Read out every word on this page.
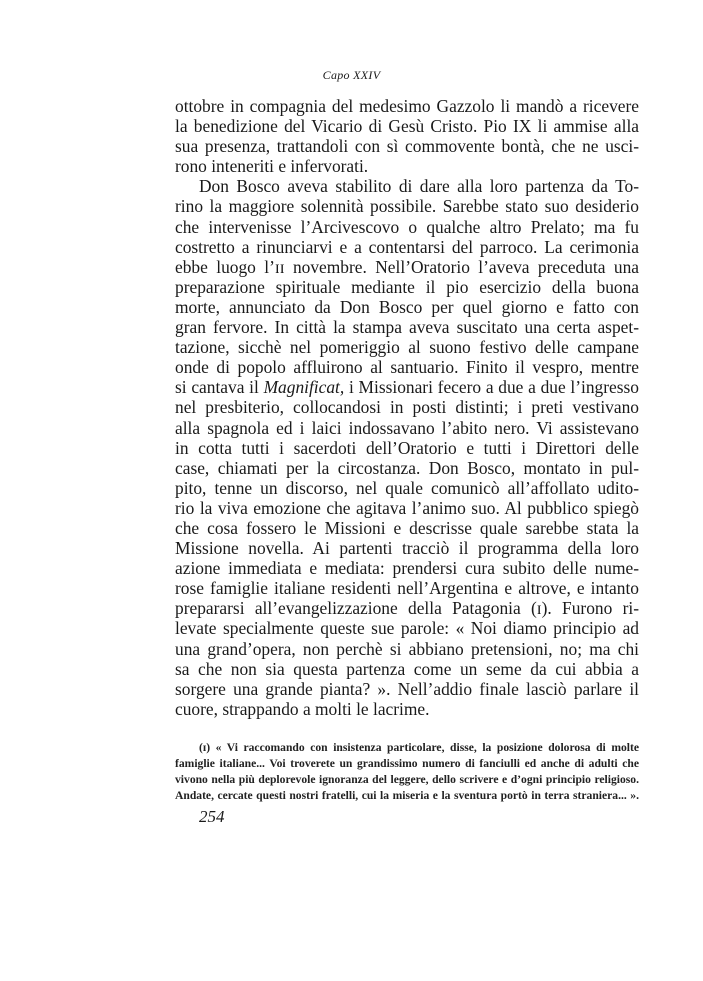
Capo XXIV
ottobre in compagnia del medesimo Gazzolo li mandò a ricevere
la benedizione del Vicario di Gesù Cristo. Pio IX li ammise alla
sua presenza, trattandoli con sì commovente bontà, che ne usci-
rono inteneriti e infervorati.
Don Bosco aveva stabilito di dare alla loro partenza da To-
rino la maggiore solennità possibile. Sarebbe stato suo desiderio
che intervenisse l’Arcivescovo o qualche altro Prelato; ma fu
costretto a rinunciarvi e a contentarsi del parroco. La cerimonia
ebbe luogo l’ɪɪ novembre. Nell’Oratorio l’aveva preceduta una
preparazione spirituale mediante il pio esercizio della buona
morte, annunciato da Don Bosco per quel giorno e fatto con
gran fervore. In città la stampa aveva suscitato una certa aspet-
tazione, sicchè nel pomeriggio al suono festivo delle campane
onde di popolo affluirono al santuario. Finito il vespro, mentre
si cantava il Magnificat, i Missionari fecero a due a due l’ingresso
nel presbiterio, collocandosi in posti distinti; i preti vestivano
alla spagnola ed i laici indossavano l’abito nero. Vi assistevano
in cotta tutti i sacerdoti dell’Oratorio e tutti i Direttori delle
case, chiamati per la circostanza. Don Bosco, montato in pul-
pito, tenne un discorso, nel quale comunicò all’affollato udito-
rio la viva emozione che agitava l’animo suo. Al pubblico spiegò
che cosa fossero le Missioni e descrisse quale sarebbe stata la
Missione novella. Ai partenti tracciò il programma della loro
azione immediata e mediata: prendersi cura subito delle nume-
rose famiglie italiane residenti nell’Argentina e altrove, e intanto
prepararsi all’evangelizzazione della Patagonia (ɪ). Furono ri-
levate specialmente queste sue parole: « Noi diamo principio ad
una grand’opera, non perchè si abbiano pretensioni, no; ma chi
sa che non sia questa partenza come un seme da cui abbia a
sorgere una grande pianta? ». Nell’addio finale lasciò parlare il
cuore, strappando a molti le lacrime.
(ɪ) « Vi raccomando con insistenza particolare, disse, la posizione dolorosa di molte
famiglie italiane... Voi troverete un grandissimo numero di fanciulli ed anche di adulti che
vivono nella più deplorevole ignoranza del leggere, dello scrivere e d’ogni principio religioso.
Andate, cercate questi nostri fratelli, cui la miseria e la sventura portò in terra straniera... ».
254
